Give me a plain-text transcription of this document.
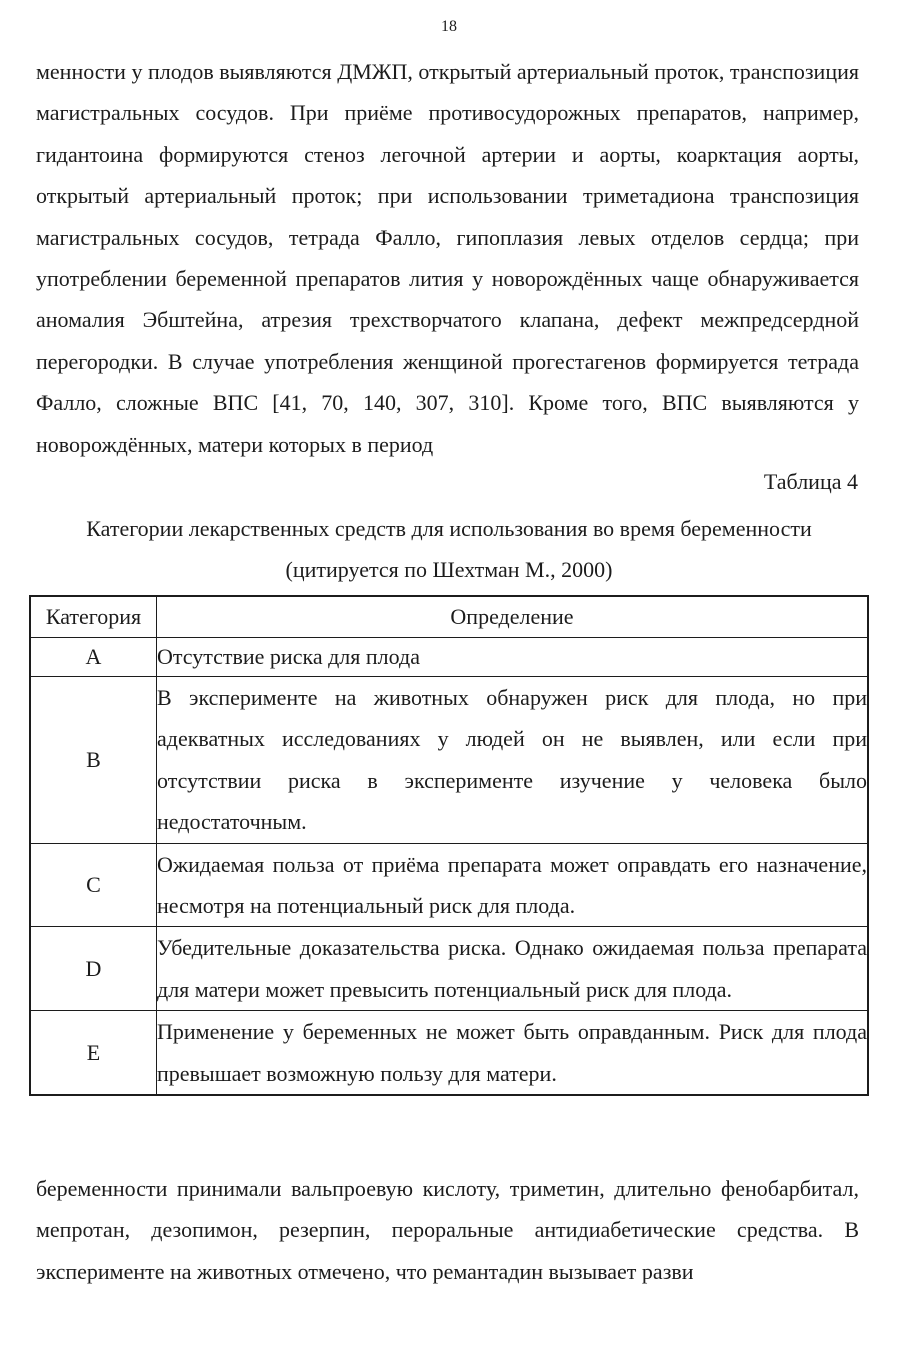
18

менности у плодов выявляются ДМЖП, открытый артериальный проток, транспозиция магистральных сосудов. При приёме противосудорожных препаратов, например, гидантоина формируются стеноз легочной артерии и аорты, коарктация аорты, открытый артериальный проток; при использовании триметадиона транспозиция магистральных сосудов, тетрада Фалло, гипоплазия левых отделов сердца; при употреблении беременной препаратов лития у новорождённых чаще обнаруживается аномалия Эбштейна, атрезия трехстворчатого клапана, дефект межпредсердной перегородки. В случае употребления женщиной прогестагенов формируется тетрада Фалло, сложные ВПС [41, 70, 140, 307, 310]. Кроме того, ВПС выявляются у новорождённых, матери которых в период

Таблица 4
Категории лекарственных средств для использования во время беременности
(цитируется по Шехтман М., 2000)
Категория	Определение
А	Отсутствие риска для плода
В	В эксперименте на животных обнаружен риск для плода, но при адекватных исследованиях у людей он не выявлен, или если при отсутствии риска в эксперименте изучение у человека было недостаточным.
С	Ожидаемая польза от приёма препарата может оправдать его назначение, несмотря на потенциальный риск для плода.
D	Убедительные доказательства риска. Однако ожидаемая польза препарата для матери может превысить потенциальный риск для плода.
Е	Применение у беременных не может быть оправданным. Риск для плода превышает возможную пользу для матери.

беременности принимали вальпроевую кислоту, триметин, длительно фенобарбитал, мепротан, дезопимон, резерпин, пероральные антидиабетические средства. В эксперименте на животных отмечено, что ремантадин вызывает разви
